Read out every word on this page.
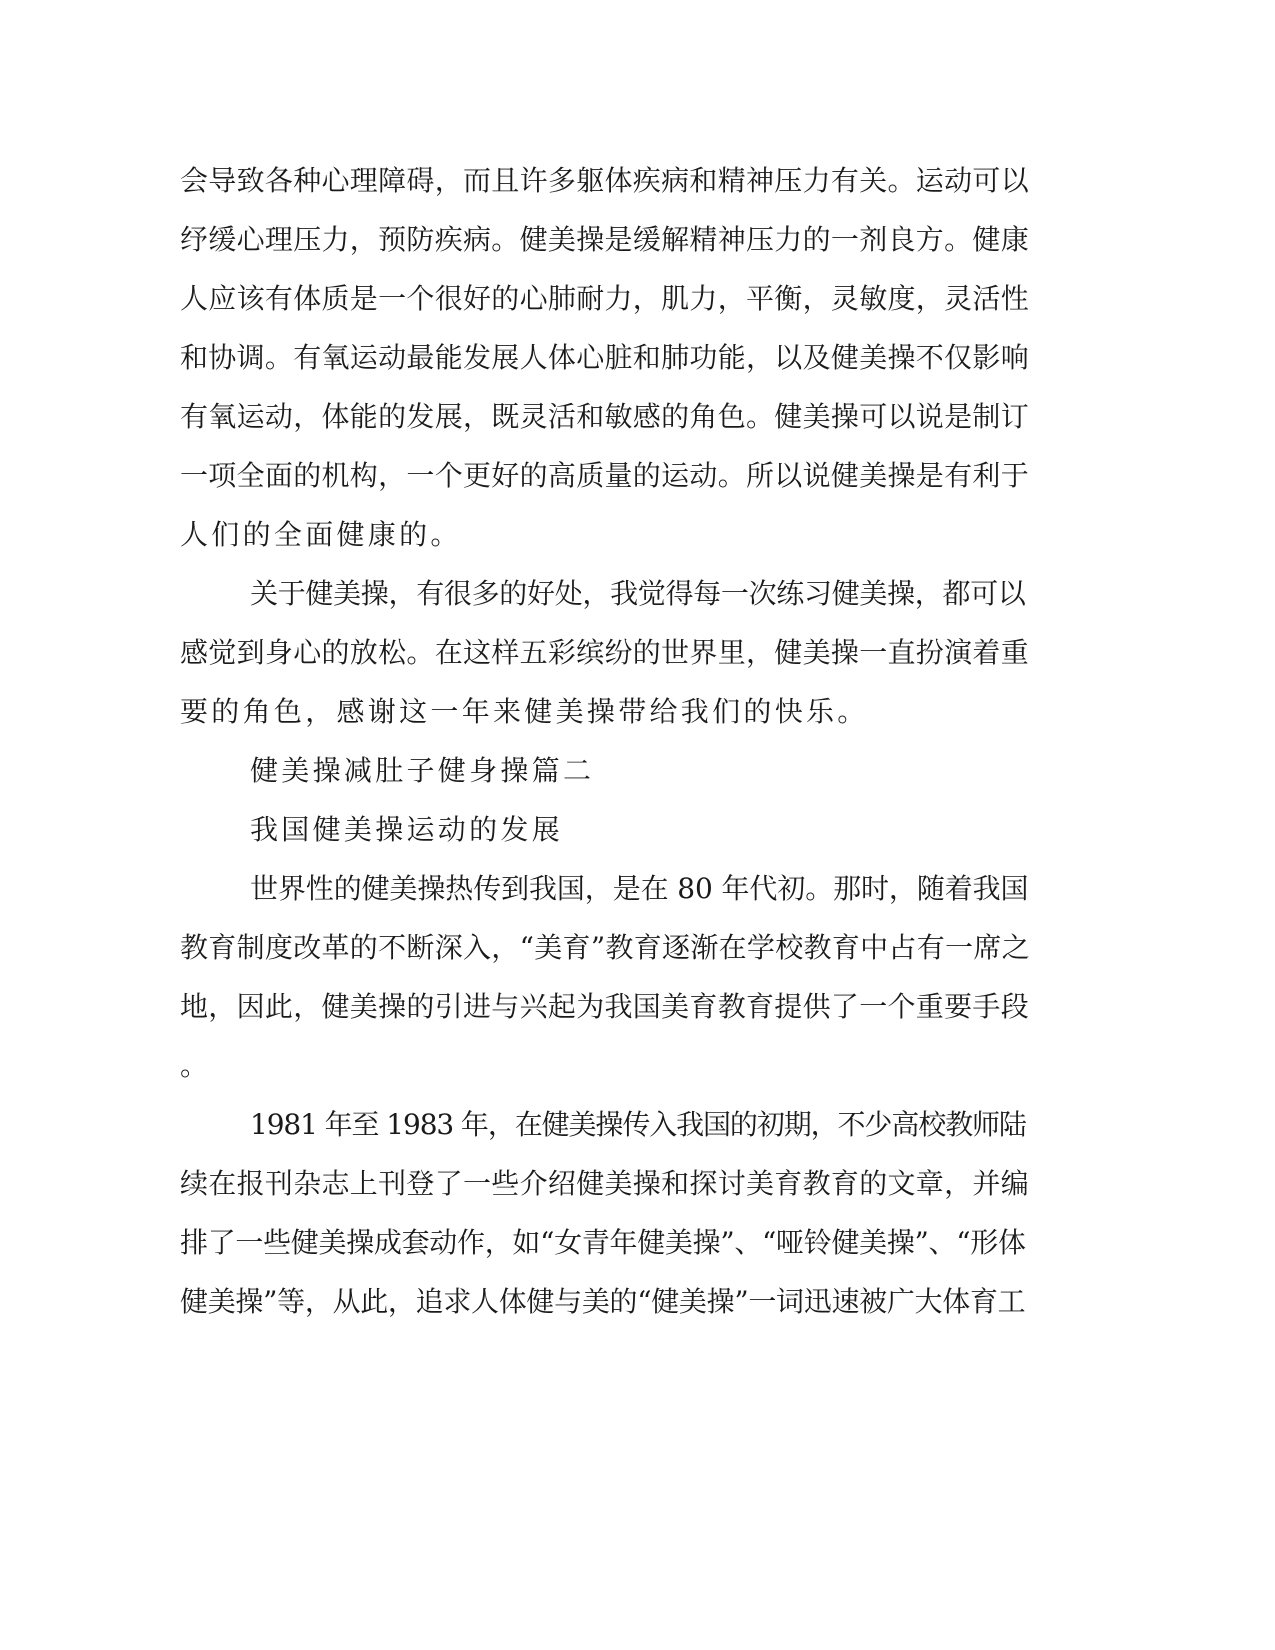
会导致各种心理障碍，而且许多躯体疾病和精神压力有关。运动可以
纾缓心理压力，预防疾病。健美操是缓解精神压力的一剂良方。健康
人应该有体质是一个很好的心肺耐力，肌力，平衡，灵敏度，灵活性
和协调。有氧运动最能发展人体心脏和肺功能，以及健美操不仅影响
有氧运动，体能的发展，既灵活和敏感的角色。健美操可以说是制订
一项全面的机构，一个更好的高质量的运动。所以说健美操是有利于
人们的全面健康的。
关于健美操，有很多的好处，我觉得每一次练习健美操，都可以
感觉到身心的放松。在这样五彩缤纷的世界里，健美操一直扮演着重
要的角色，感谢这一年来健美操带给我们的快乐。
健美操减肚子健身操篇二
我国健美操运动的发展
世界性的健美操热传到我国，是在 80 年代初。那时，随着我国
教育制度改革的不断深入，“美育”教育逐渐在学校教育中占有一席之
地，因此，健美操的引进与兴起为我国美育教育提供了一个重要手段
。
1981 年至 1983 年，在健美操传入我国的初期，不少高校教师陆
续在报刊杂志上刊登了一些介绍健美操和探讨美育教育的文章，并编
排了一些健美操成套动作，如“女青年健美操”、“哑铃健美操”、“形体
健美操”等，从此，追求人体健与美的“健美操”一词迅速被广大体育工
